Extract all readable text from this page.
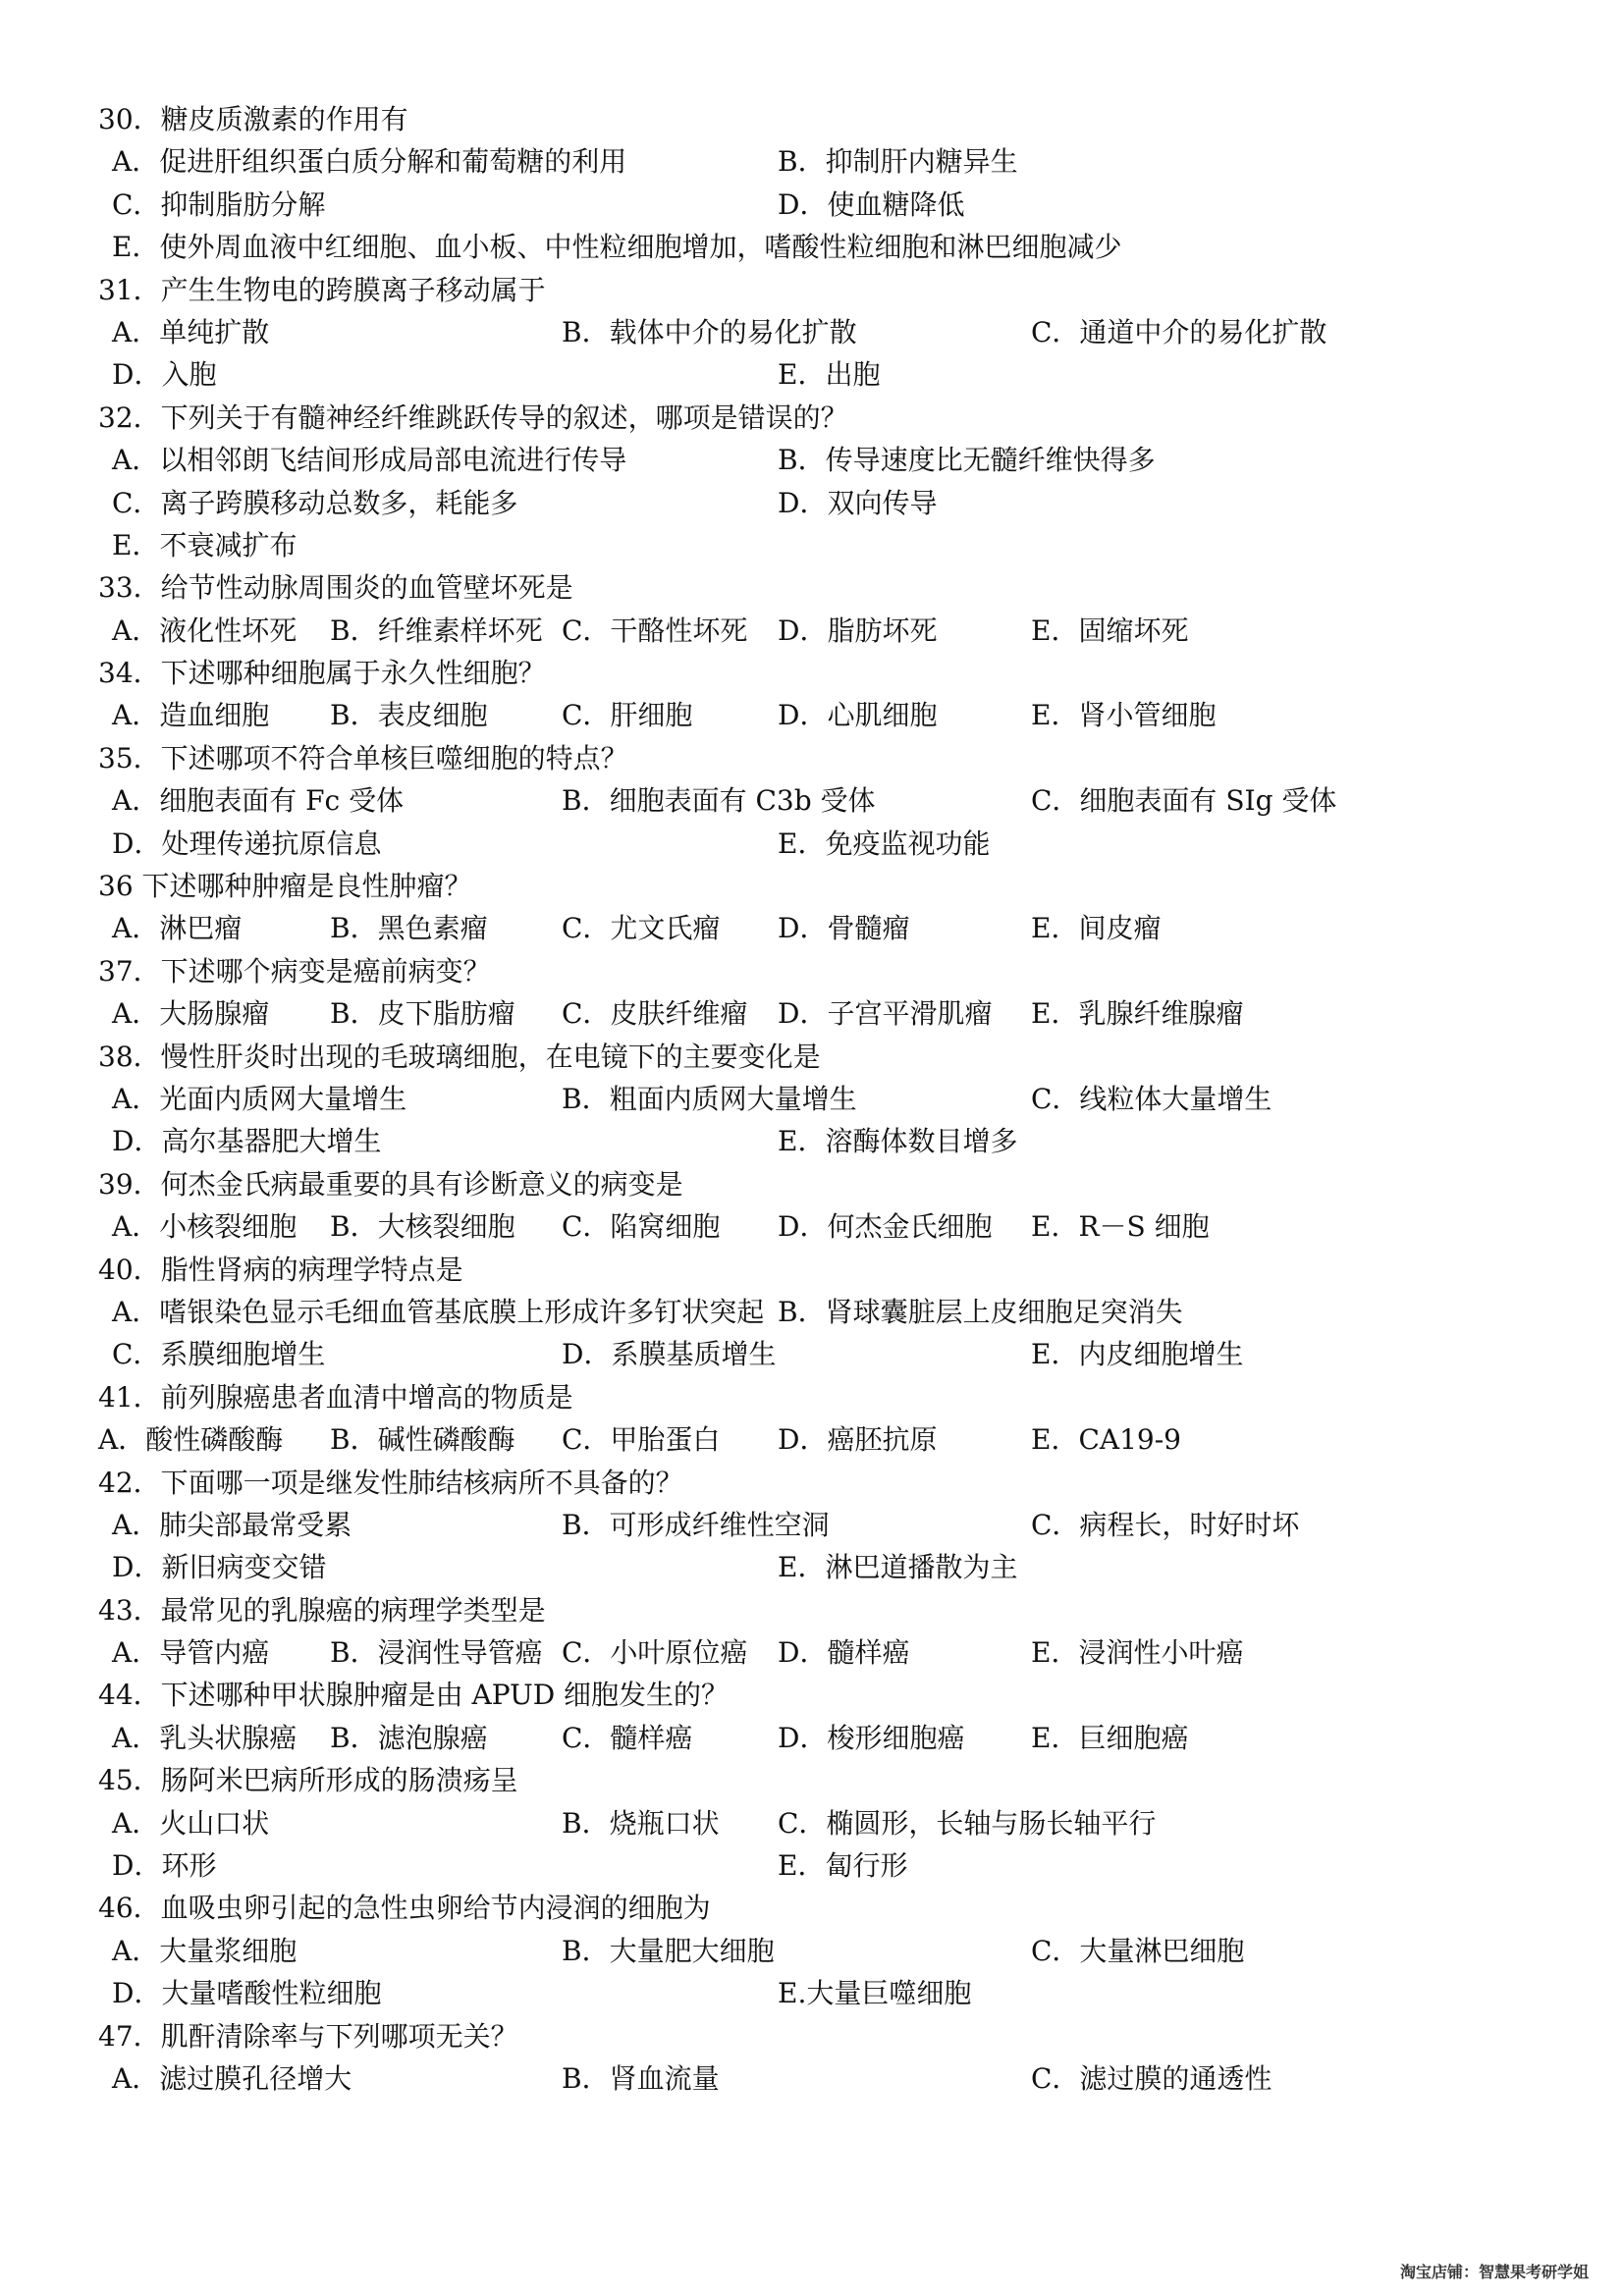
30．糖皮质激素的作用有
A．促进肝组织蛋白质分解和葡萄糖的利用	B．抑制肝内糖异生
C．抑制脂肪分解	D．使血糖降低
E．使外周血液中红细胞、血小板、中性粒细胞增加，嗜酸性粒细胞和淋巴细胞减少
31．产生生物电的跨膜离子移动属于
A．单纯扩散	B．载体中介的易化扩散	C．通道中介的易化扩散
D．入胞	E．出胞
32．下列关于有髓神经纤维跳跃传导的叙述，哪项是错误的？
A．以相邻朗飞结间形成局部电流进行传导	B．传导速度比无髓纤维快得多
C．离子跨膜移动总数多，耗能多	D．双向传导
E．不衰减扩布
33．给节性动脉周围炎的血管壁坏死是
A．液化性坏死 B．纤维素样坏死 C．干酪性坏死 D．脂肪坏死	E．固缩坏死
34．下述哪种细胞属于永久性细胞？
A．造血细胞 B．表皮细胞	C．肝细胞	D．心肌细胞	E．肾小管细胞
35．下述哪项不符合单核巨噬细胞的特点？
A．细胞表面有 Fc 受体	B．细胞表面有 C3b 受体	C．细胞表面有 SIg 受体
D．处理传递抗原信息	E．免疫监视功能
36 下述哪种肿瘤是良性肿瘤？
A．淋巴瘤	B．黑色素瘤	C．尤文氏瘤 D．骨髓瘤	E．间皮瘤
37．下述哪个病变是癌前病变？
A．大肠腺瘤 B．皮下脂肪瘤 C．皮肤纤维瘤 D．子宫平滑肌瘤 E．乳腺纤维腺瘤
38．慢性肝炎时出现的毛玻璃细胞，在电镜下的主要变化是
A．光面内质网大量增生	B．粗面内质网大量增生	C．线粒体大量增生
D．高尔基器肥大增生	E．溶酶体数目增多
39．何杰金氏病最重要的具有诊断意义的病变是
A．小核裂细胞 B．大核裂细胞 C．陷窝细胞 D．何杰金氏细胞 E．R－S 细胞
40．脂性肾病的病理学特点是
A．嗜银染色显示毛细血管基底膜上形成许多钉状突起 B．肾球囊脏层上皮细胞足突消失
C．系膜细胞增生	D．系膜基质增生	E．内皮细胞增生
41．前列腺癌患者血清中增高的物质是
A．酸性磷酸酶 B．碱性磷酸酶 C．甲胎蛋白 D．癌胚抗原	E．CA19-9
42．下面哪一项是继发性肺结核病所不具备的？
A．肺尖部最常受累	B．可形成纤维性空洞	C．病程长，时好时坏
D．新旧病变交错	E．淋巴道播散为主
43．最常见的乳腺癌的病理学类型是
A．导管内癌 B．浸润性导管癌 C．小叶原位癌 D．髓样癌	E．浸润性小叶癌
44．下述哪种甲状腺肿瘤是由 APUD 细胞发生的？
A．乳头状腺癌 B．滤泡腺癌	C．髓样癌	D．梭形细胞癌 E．巨细胞癌
45．肠阿米巴病所形成的肠溃疡呈
A．火山口状	B．烧瓶口状 C．椭圆形，长轴与肠长轴平行
D．环形	E．匐行形
46．血吸虫卵引起的急性虫卵给节内浸润的细胞为
A．大量浆细胞	B．大量肥大细胞	C．大量淋巴细胞
D．大量嗜酸性粒细胞	E.大量巨噬细胞
47．肌酐清除率与下列哪项无关？
A．滤过膜孔径增大	B．肾血流量	C．滤过膜的通透性
淘宝店铺：智慧果考研学姐
